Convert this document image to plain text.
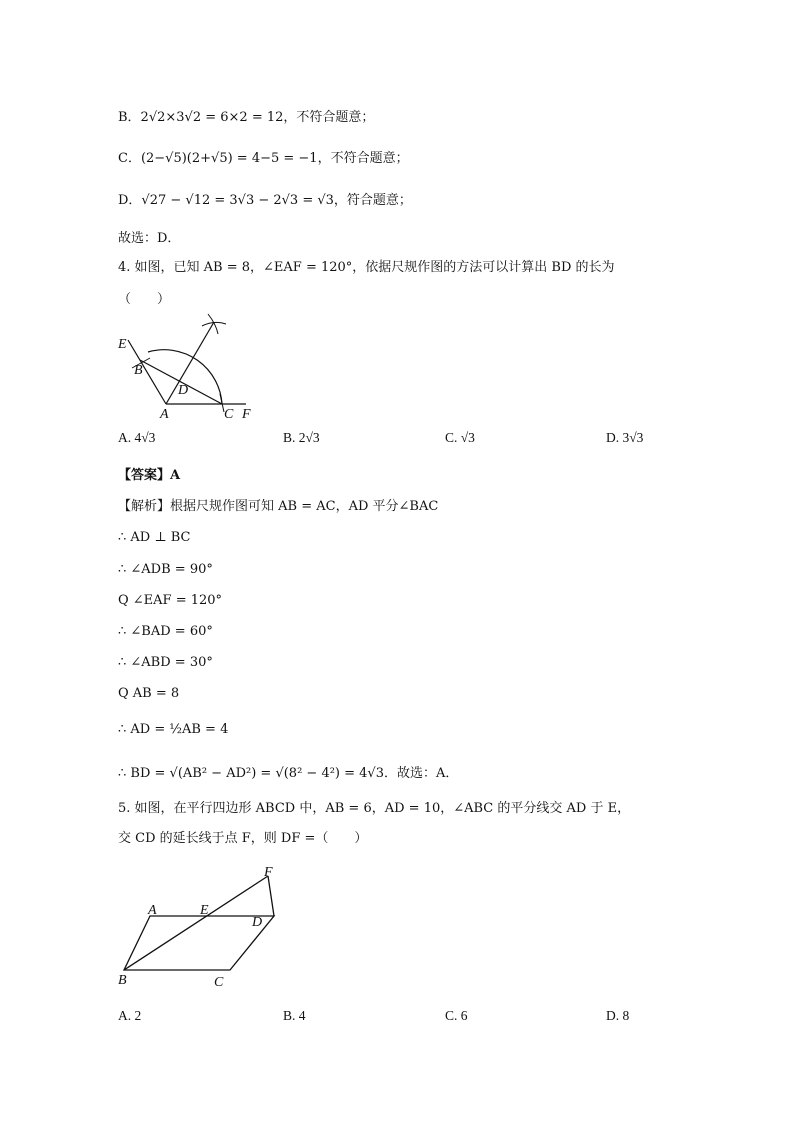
B．2√2×3√2 = 6×2 = 12，不符合题意；
C．(2−√5)(2+√5) = 4−5 = −1，不符合题意；
D．√27 − √12 = 3√3 − 2√3 = √3，符合题意；
故选：D．
4. 如图，已知 AB = 8，∠EAF = 120°，依据尺规作图的方法可以计算出 BD 的长为
（　　）
E
B
D
A	C F
A. 4√3	B. 2√3	C. √3	D. 3√3
【答案】A
【解析】根据尺规作图可知 AB = AC，AD 平分∠BAC
∴ AD ⊥ BC
∴ ∠ADB = 90°
Q ∠EAF = 120°
∴ ∠BAD = 60°
∴ ∠ABD = 30°
Q AB = 8
∴ AD = ½AB = 4
∴ BD = √(AB² − AD²) = √(8² − 4²) = 4√3．故选：A．
5. 如图，在平行四边形 ABCD 中，AB = 6，AD = 10，∠ABC 的平分线交 AD 于 E，
交 CD 的延长线于点 F，则 DF =（　　）
A	E
D
F
B	C
A. 2	B. 4	C. 6	D. 8
